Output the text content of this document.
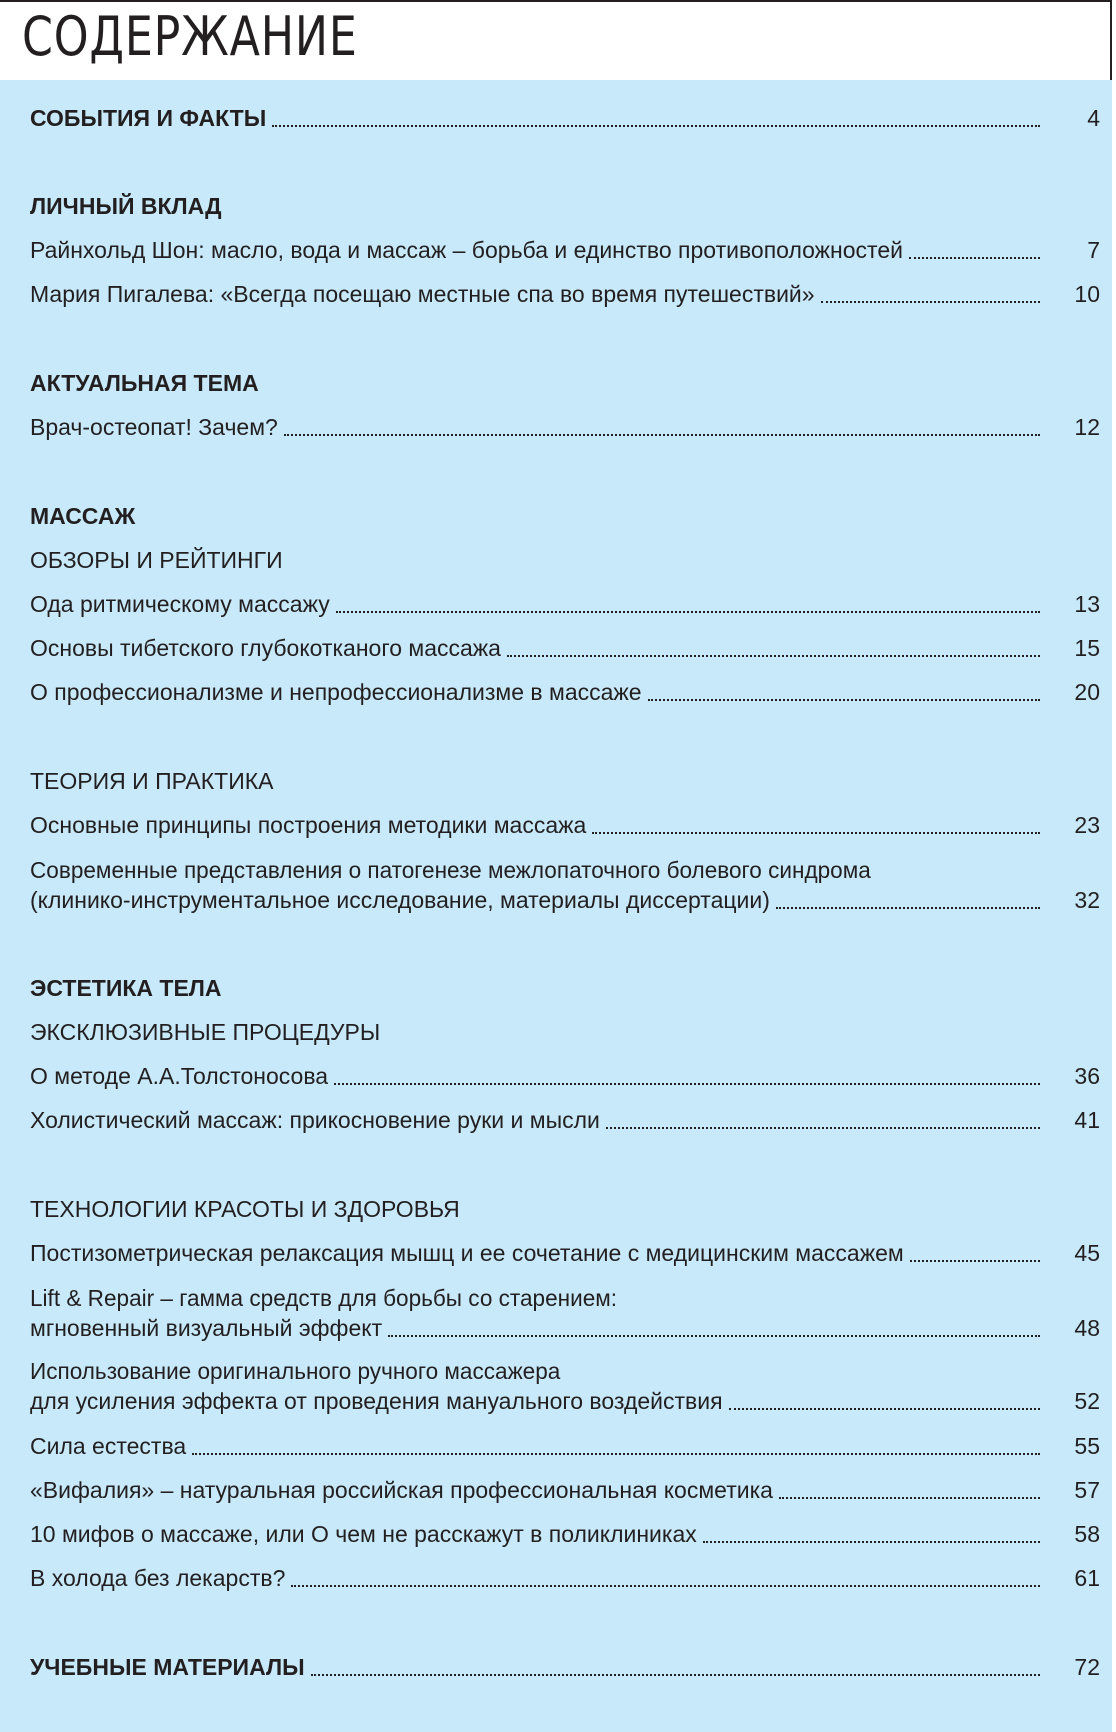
СОДЕРЖАНИЕ
СОБЫТИЯ И ФАКТЫ	4
ЛИЧНЫЙ ВКЛАД
Райнхольд Шон: масло, вода и массаж – борьба и единство противоположностей	7
Мария Пигалева: «Всегда посещаю местные спа во время путешествий»	10
АКТУАЛЬНАЯ ТЕМА
Врач-остеопат! Зачем?	12
МАССАЖ
ОБЗОРЫ И РЕЙТИНГИ
Ода ритмическому массажу	13
Основы тибетского глубокотканого массажа	15
О профессионализме и непрофессионализме в массаже	20
ТЕОРИЯ И ПРАКТИКА
Основные принципы построения методики массажа	23
Современные представления о патогенезе межлопаточного болевого синдрома
(клинико-инструментальное исследование, материалы диссертации)	32
ЭСТЕТИКА ТЕЛА
ЭКСКЛЮЗИВНЫЕ ПРОЦЕДУРЫ
О методе А.А.Толстоносова	36
Холистический массаж: прикосновение руки и мысли	41
ТЕХНОЛОГИИ КРАСОТЫ И ЗДОРОВЬЯ
Постизометрическая релаксация мышц и ее сочетание с медицинским массажем	45
Lift & Repair – гамма средств для борьбы со старением:
мгновенный визуальный эффект	48
Использование оригинального ручного массажера
для усиления эффекта от проведения мануального воздействия	52
Сила естества	55
«Вифалия» – натуральная российская профессиональная косметика	57
10 мифов о массаже, или О чем не расскажут в поликлиниках	58
В холода без лекарств?	61
УЧЕБНЫЕ МАТЕРИАЛЫ	72
